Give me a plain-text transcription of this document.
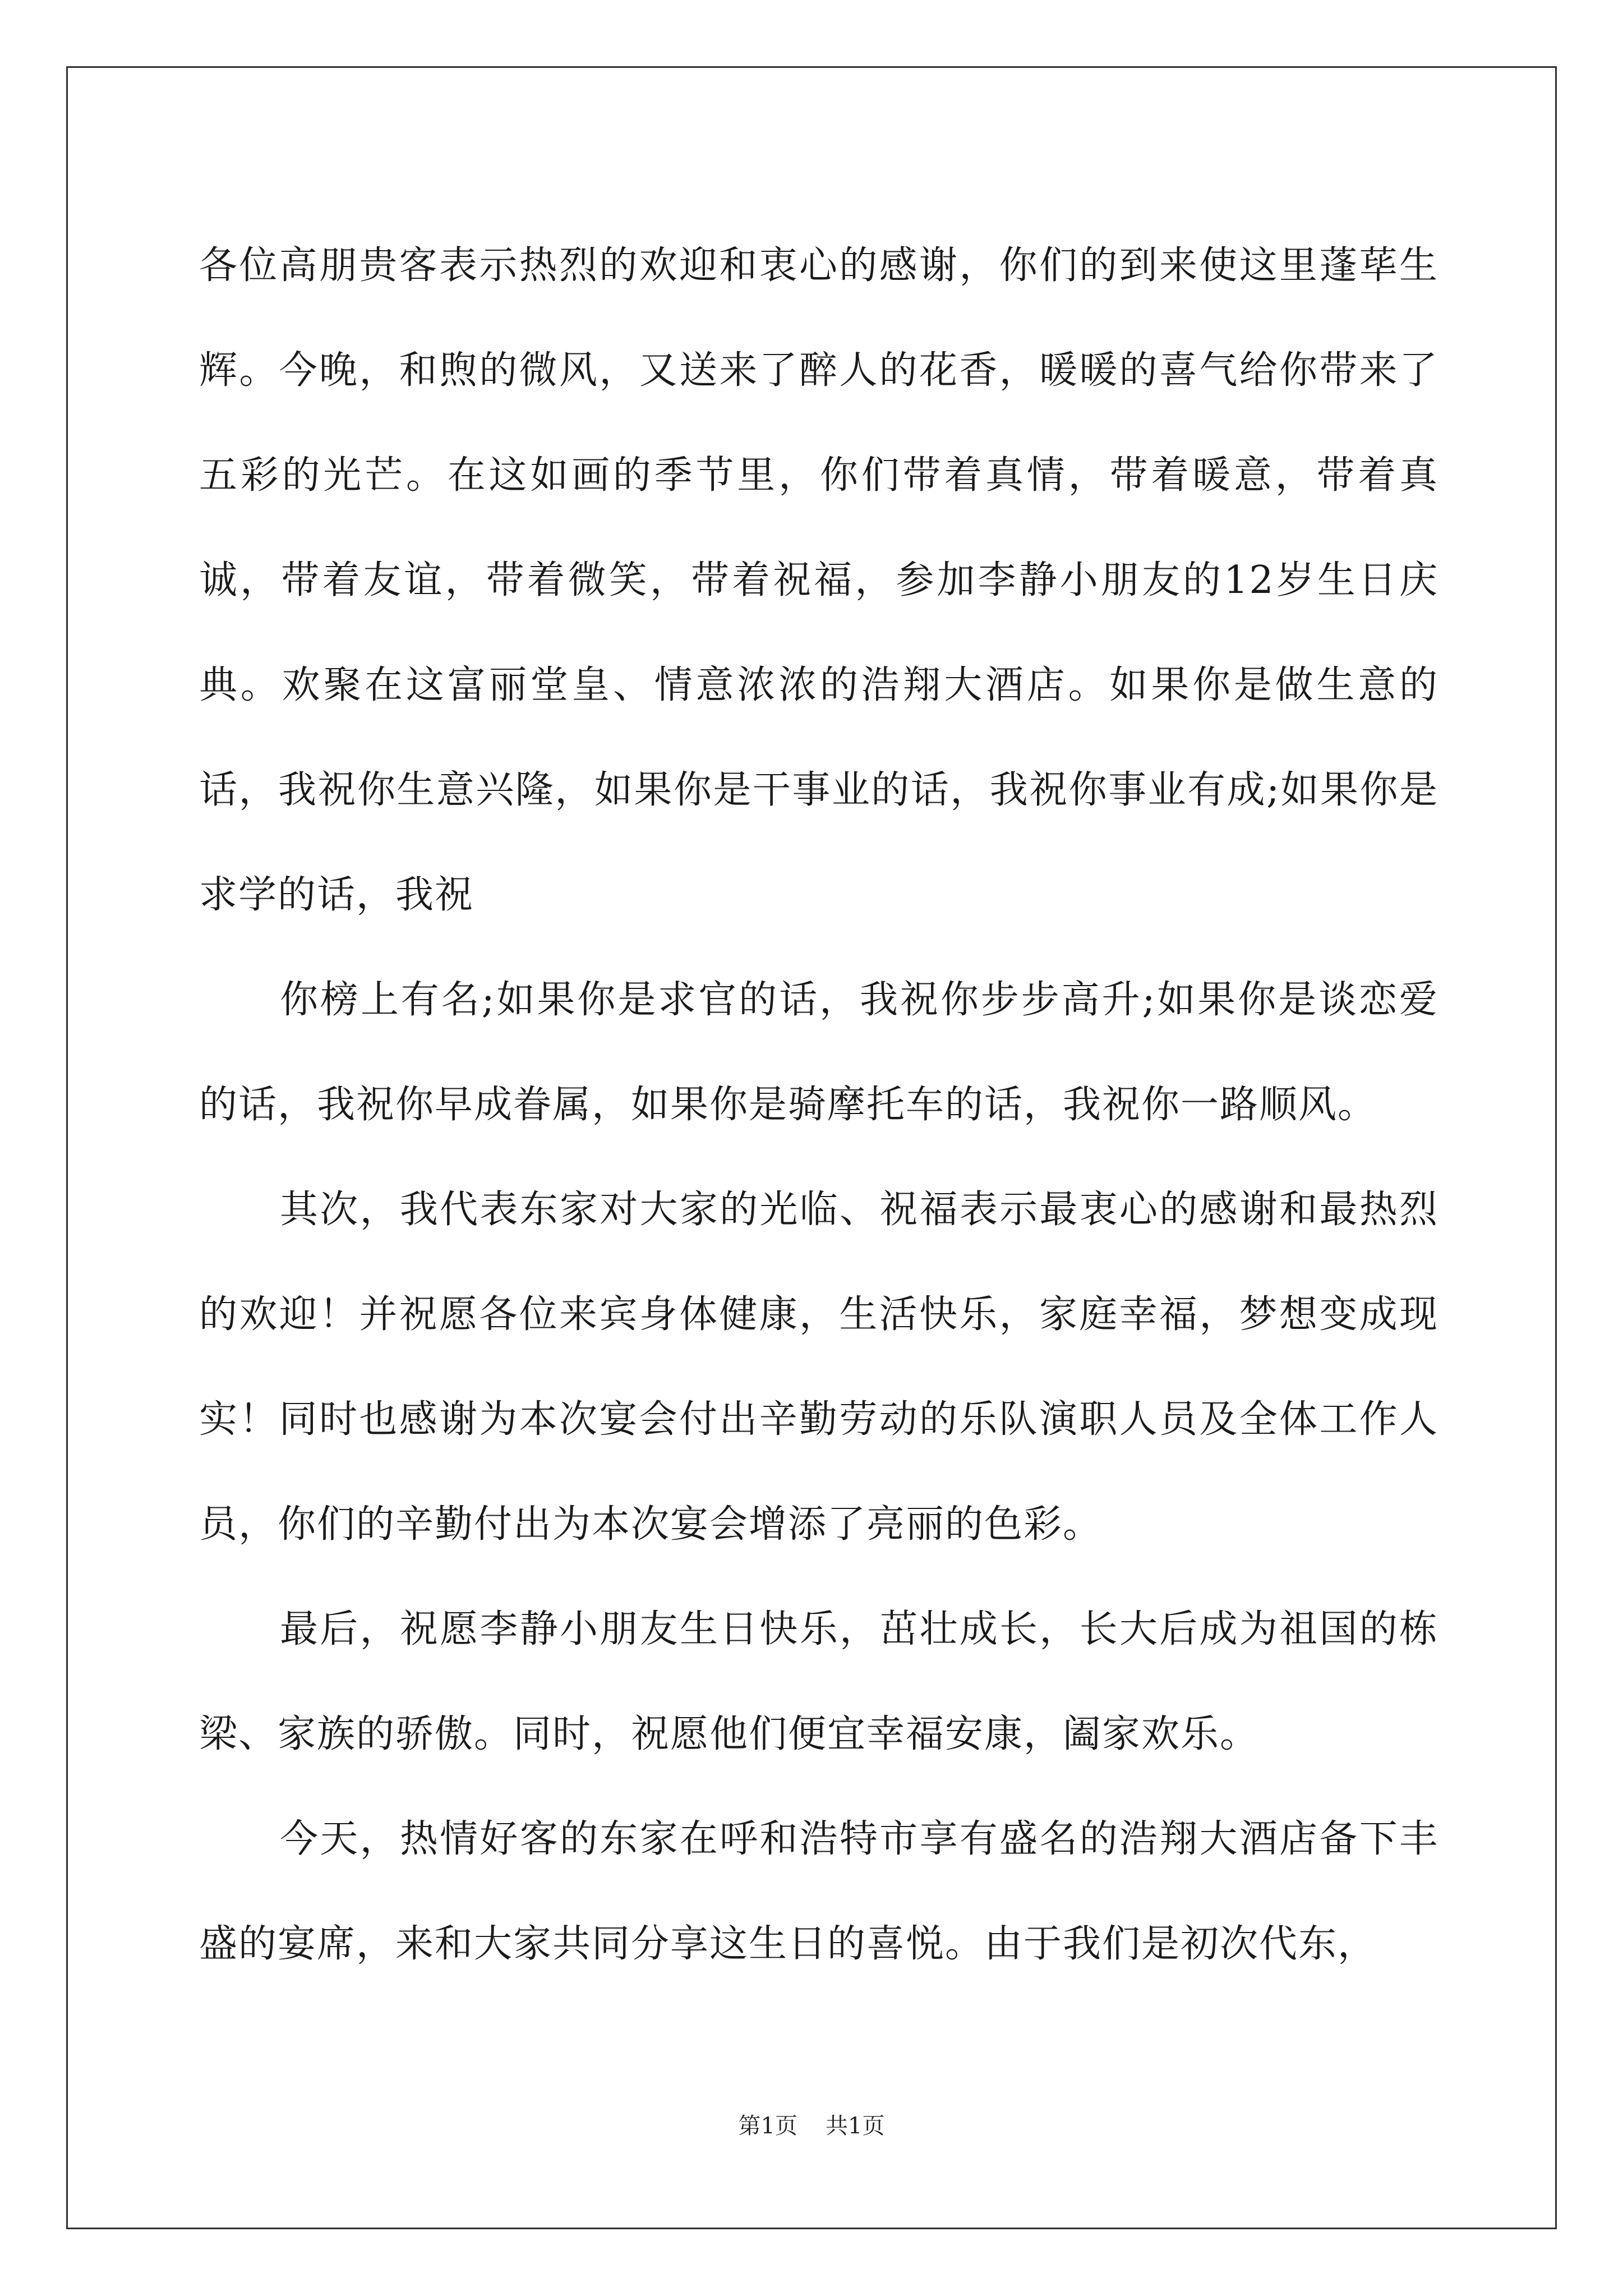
各位高朋贵客表示热烈的欢迎和衷心的感谢，你们的到来使这里蓬荜生辉。今晚，和煦的微风，又送来了醉人的花香，暖暖的喜气给你带来了五彩的光芒。在这如画的季节里，你们带着真情，带着暖意，带着真诚，带着友谊，带着微笑，带着祝福，参加李静小朋友的12岁生日庆典。欢聚在这富丽堂皇、情意浓浓的浩翔大酒店。如果你是做生意的话，我祝你生意兴隆，如果你是干事业的话，我祝你事业有成;如果你是求学的话，我祝

你榜上有名;如果你是求官的话，我祝你步步高升;如果你是谈恋爱的话，我祝你早成眷属，如果你是骑摩托车的话，我祝你一路顺风。

其次，我代表东家对大家的光临、祝福表示最衷心的感谢和最热烈的欢迎！并祝愿各位来宾身体健康，生活快乐，家庭幸福，梦想变成现实！同时也感谢为本次宴会付出辛勤劳动的乐队演职人员及全体工作人员，你们的辛勤付出为本次宴会增添了亮丽的色彩。

最后，祝愿李静小朋友生日快乐，茁壮成长，长大后成为祖国的栋梁、家族的骄傲。同时，祝愿他们便宜幸福安康，阖家欢乐。

今天，热情好客的东家在呼和浩特市享有盛名的浩翔大酒店备下丰盛的宴席，来和大家共同分享这生日的喜悦。由于我们是初次代东，

第1页 共1页
